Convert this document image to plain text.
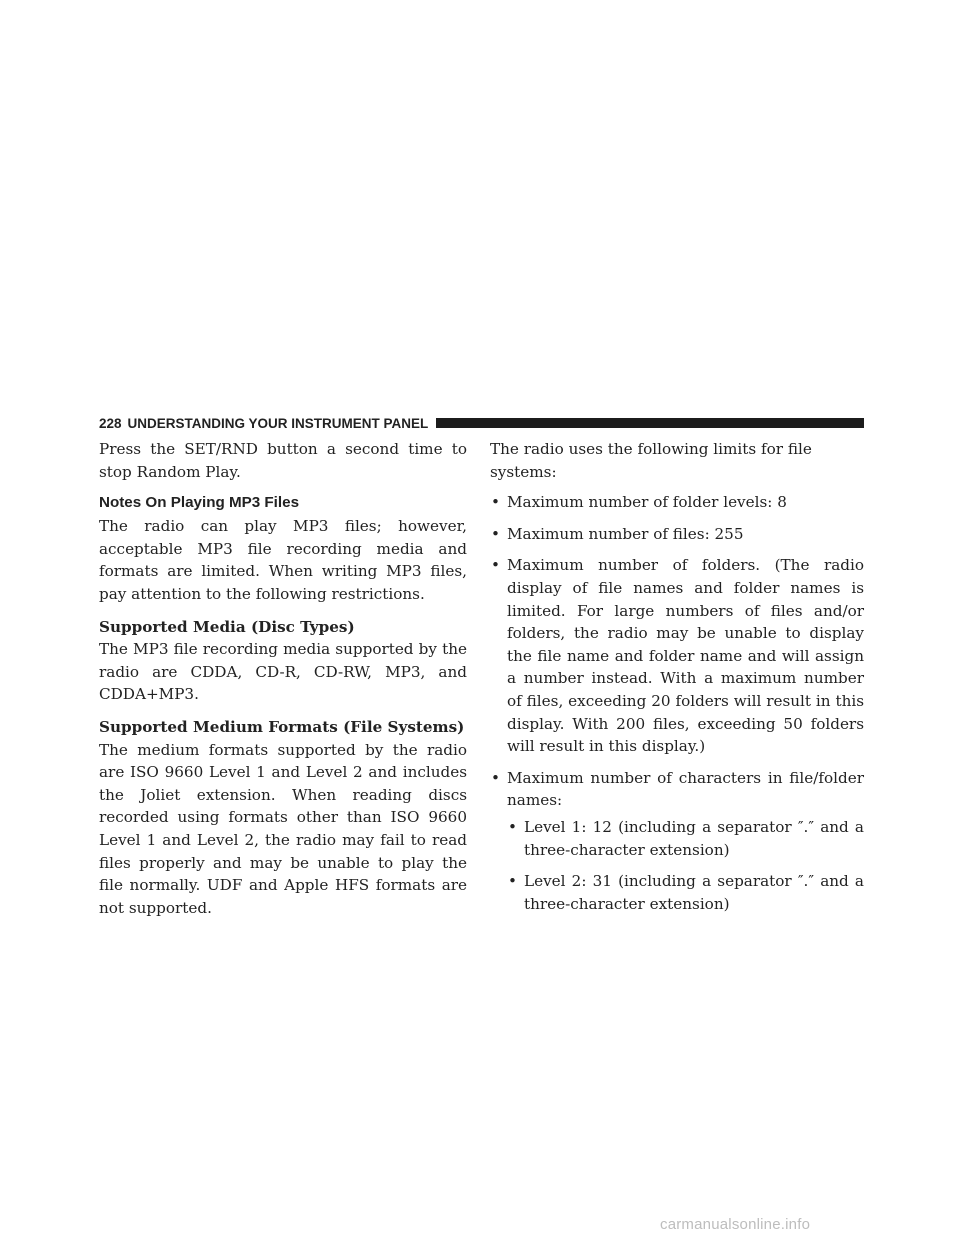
228 UNDERSTANDING YOUR INSTRUMENT PANEL

Press the SET/RND button a second time to stop Random Play.

Notes On Playing MP3 Files

The radio can play MP3 files; however, acceptable MP3 file recording media and formats are limited. When writing MP3 files, pay attention to the following restrictions.

Supported Media (Disc Types)

The MP3 file recording media supported by the radio are CDDA, CD-R, CD-RW, MP3, and CDDA+MP3.

Supported Medium Formats (File Systems)

The medium formats supported by the radio are ISO 9660 Level 1 and Level 2 and includes the Joliet extension. When reading discs recorded using formats other than ISO 9660 Level 1 and Level 2, the radio may fail to read files properly and may be unable to play the file normally. UDF and Apple HFS formats are not supported.

The radio uses the following limits for file systems:

• Maximum number of folder levels: 8
• Maximum number of files: 255
• Maximum number of folders. (The radio display of file names and folder names is limited. For large numbers of files and/or folders, the radio may be unable to display the file name and folder name and will assign a number instead. With a maximum number of files, exceeding 20 folders will result in this display. With 200 files, exceeding 50 folders will result in this display.)
• Maximum number of characters in file/folder names:
• Level 1: 12 (including a separator ″.″ and a three-character extension)
• Level 2: 31 (including a separator ″.″ and a three-character extension)
carmanualsonline.info
